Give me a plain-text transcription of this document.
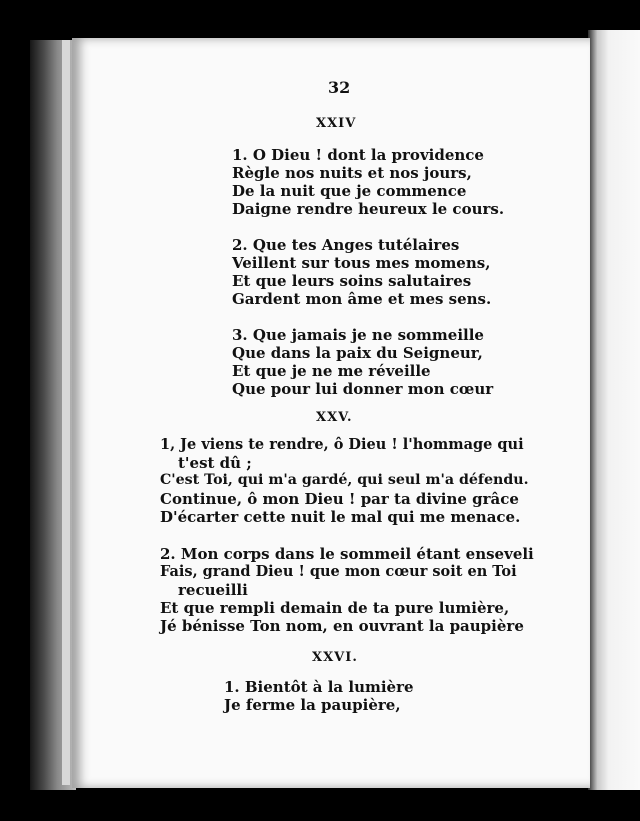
32
XXIV
1. O Dieu ! dont la providence
Règle nos nuits et nos jours,
De la nuit que je commence
Daigne rendre heureux le cours.
2. Que tes Anges tutélaires
Veillent sur tous mes momens,
Et que leurs soins salutaires
Gardent mon âme et mes sens.
3. Que jamais je ne sommeille
Que dans la paix du Seigneur,
Et que je ne me réveille
Que pour lui donner mon cœur
XXV.
1, Je viens te rendre, ô Dieu ! l'hommage qui
t'est dû ;
C'est Toi, qui m'a gardé, qui seul m'a défendu.
Continue, ô mon Dieu ! par ta divine grâce
D'écarter cette nuit le mal qui me menace.
2. Mon corps dans le sommeil étant enseveli
Fais, grand Dieu ! que mon cœur soit en Toi
recueilli
Et que rempli demain de ta pure lumière,
Jé bénisse Ton nom, en ouvrant la paupière
XXVI.
1. Bientôt à la lumière
Je ferme la paupière,
